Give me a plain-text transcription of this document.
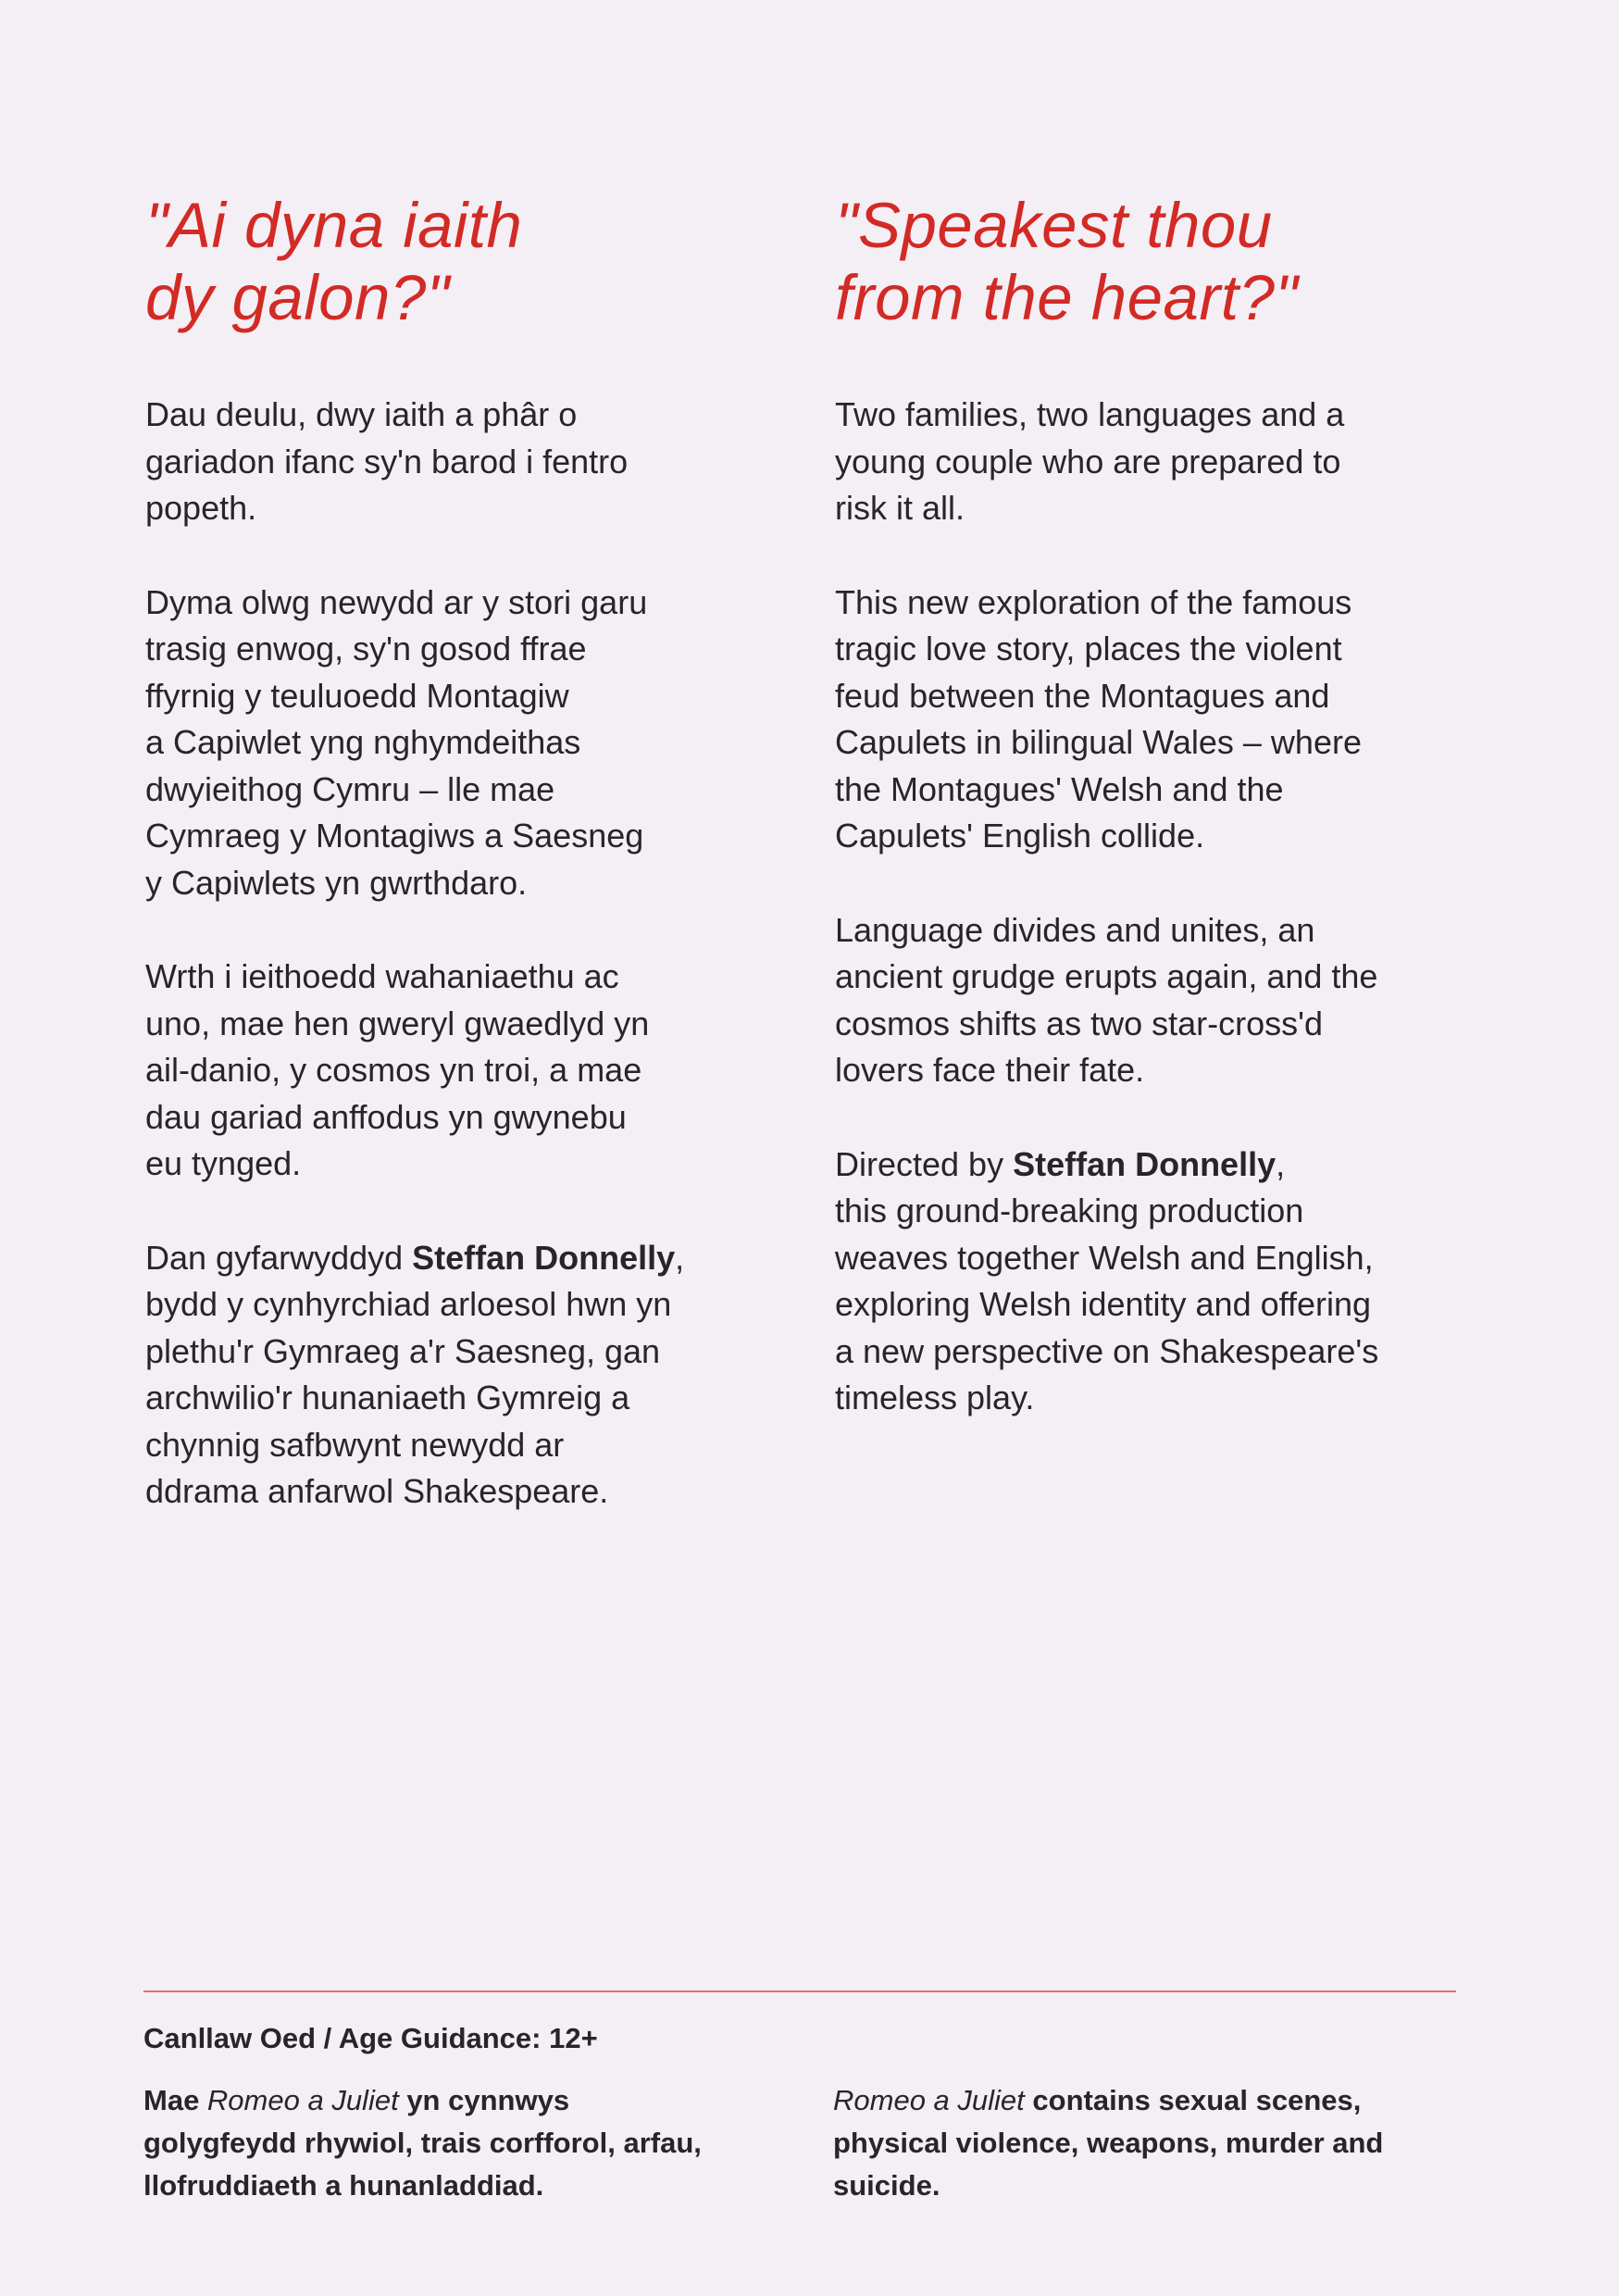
"Ai dyna iaith
dy galon?"

Dau deulu, dwy iaith a phâr o
gariadon ifanc sy'n barod i fentro
popeth.

Dyma olwg newydd ar y stori garu
trasig enwog, sy'n gosod ffrae
ffyrnig y teuluoedd Montagiw
a Capiwlet yng nghymdeithas
dwyieithog Cymru – lle mae
Cymraeg y Montagiws a Saesneg
y Capiwlets yn gwrthdaro.

Wrth i ieithoedd wahaniaethu ac
uno, mae hen gweryl gwaedlyd yn
ail-danio, y cosmos yn troi, a mae
dau gariad anffodus yn gwynebu
eu tynged.

Dan gyfarwyddyd Steffan Donnelly,
bydd y cynhyrchiad arloesol hwn yn
plethu'r Gymraeg a'r Saesneg, gan
archwilio'r hunaniaeth Gymreig a
chynnig safbwynt newydd ar
ddrama anfarwol Shakespeare.

"Speakest thou
from the heart?"

Two families, two languages and a
young couple who are prepared to
risk it all.

This new exploration of the famous
tragic love story, places the violent
feud between the Montagues and
Capulets in bilingual Wales – where
the Montagues' Welsh and the
Capulets' English collide.

Language divides and unites, an
ancient grudge erupts again, and the
cosmos shifts as two star-cross'd
lovers face their fate.

Directed by Steffan Donnelly,
this ground-breaking production
weaves together Welsh and English,
exploring Welsh identity and offering
a new perspective on Shakespeare's
timeless play.

Canllaw Oed / Age Guidance: 12+
Mae Romeo a Juliet yn cynnwys
golygfeydd rhywiol, trais corfforol, arfau,
llofruddiaeth a hunanladdiad.
Romeo a Juliet contains sexual scenes,
physical violence, weapons, murder and
suicide.
